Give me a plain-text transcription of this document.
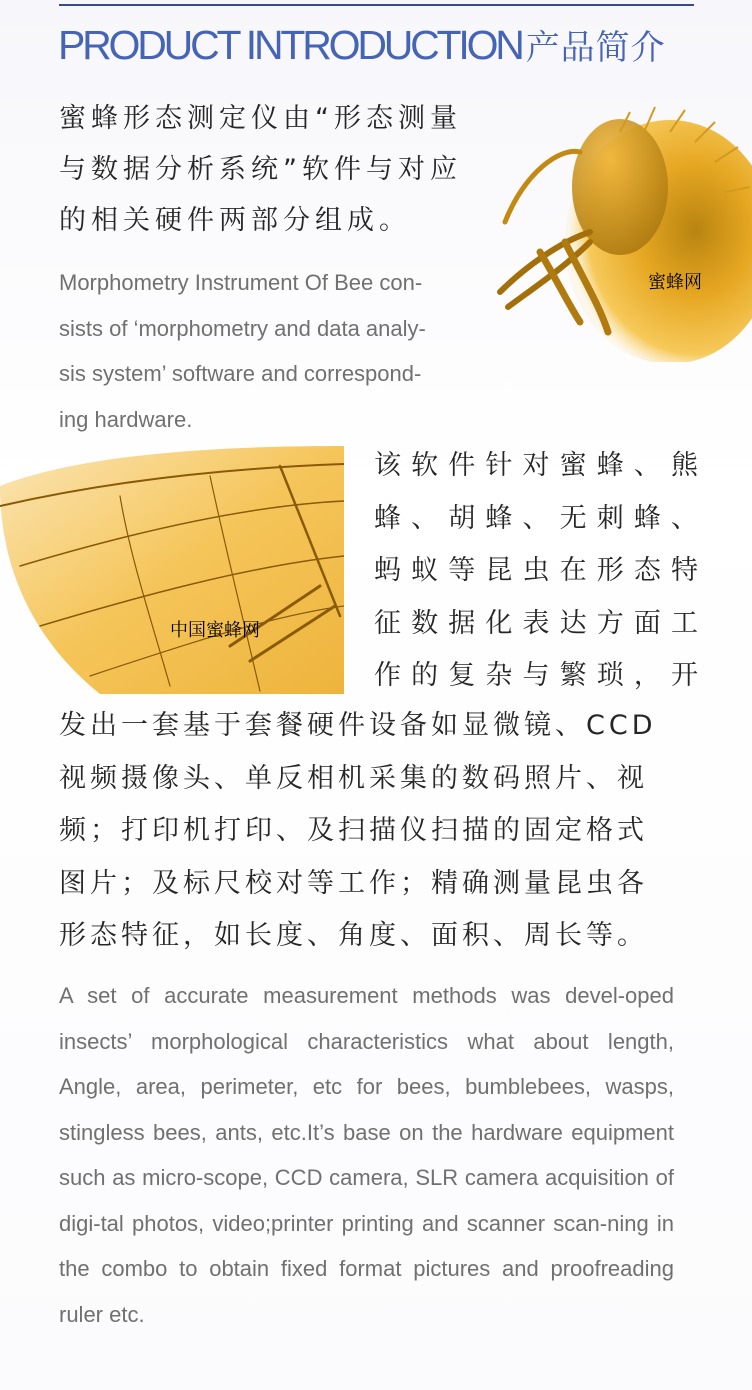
PRODUCT INTRODUCTION 产品简介
蜜蜂形态测定仪由“形态测量
与数据分析系统”软件与对应
的相关硬件两部分组成。
Morphometry Instrument Of Bee con-
sists of ‘morphometry and data analy-
sis system’ software and correspond-
ing hardware.
蜜蜂网
中国蜜蜂网
该软件针对蜜蜂、熊
蜂、胡蜂、无刺蜂、
蚂蚁等昆虫在形态特
征数据化表达方面工
作的复杂与繁琐，开
发出一套基于套餐硬件设备如显微镜、CCD
视频摄像头、单反相机采集的数码照片、视
频；打印机打印、及扫描仪扫描的固定格式
图片；及标尺校对等工作；精确测量昆虫各
形态特征，如长度、角度、面积、周长等。
A set of accurate measurement methods was devel-oped insects’ morphological characteristics what about length, Angle, area, perimeter, etc for bees, bumblebees, wasps, stingless bees, ants, etc.It’s base on the hardware equipment such as micro-scope, CCD camera, SLR camera acquisition of digi-tal photos, video;printer printing and scanner scan-ning in the combo to obtain fixed format pictures and proofreading ruler etc.
